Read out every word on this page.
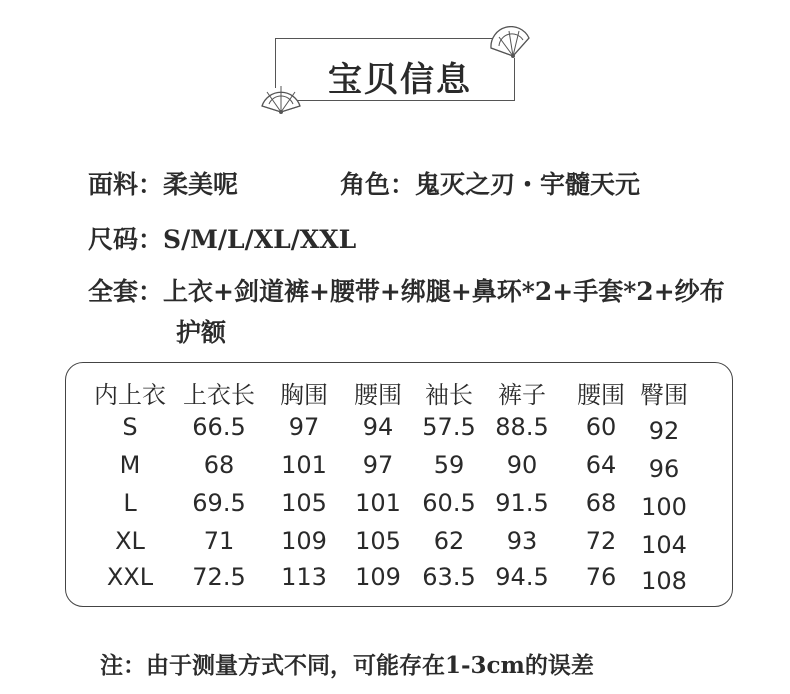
宝贝信息
面料：柔美呢	角色：鬼灭之刃・宇髓天元
尺码：S/M/L/XL/XXL
全套：上衣+剑道裤+腰带+绑腿+鼻环*2+手套*2+纱布
护额
内上衣 上衣长 胸围 腰围 袖长 裤子 腰围 臀围
S 66.5 97 94 57.5 88.5 60 92
M	68 101 97 59 90 64 96
L 69.5 105 101 60.5 91.5 68 100
XL 71 109 105 62 93 72 104
XXL 72.5 113 109 63.5 94.5 76 108
注：由于测量方式不同，可能存在1-3cm的误差
